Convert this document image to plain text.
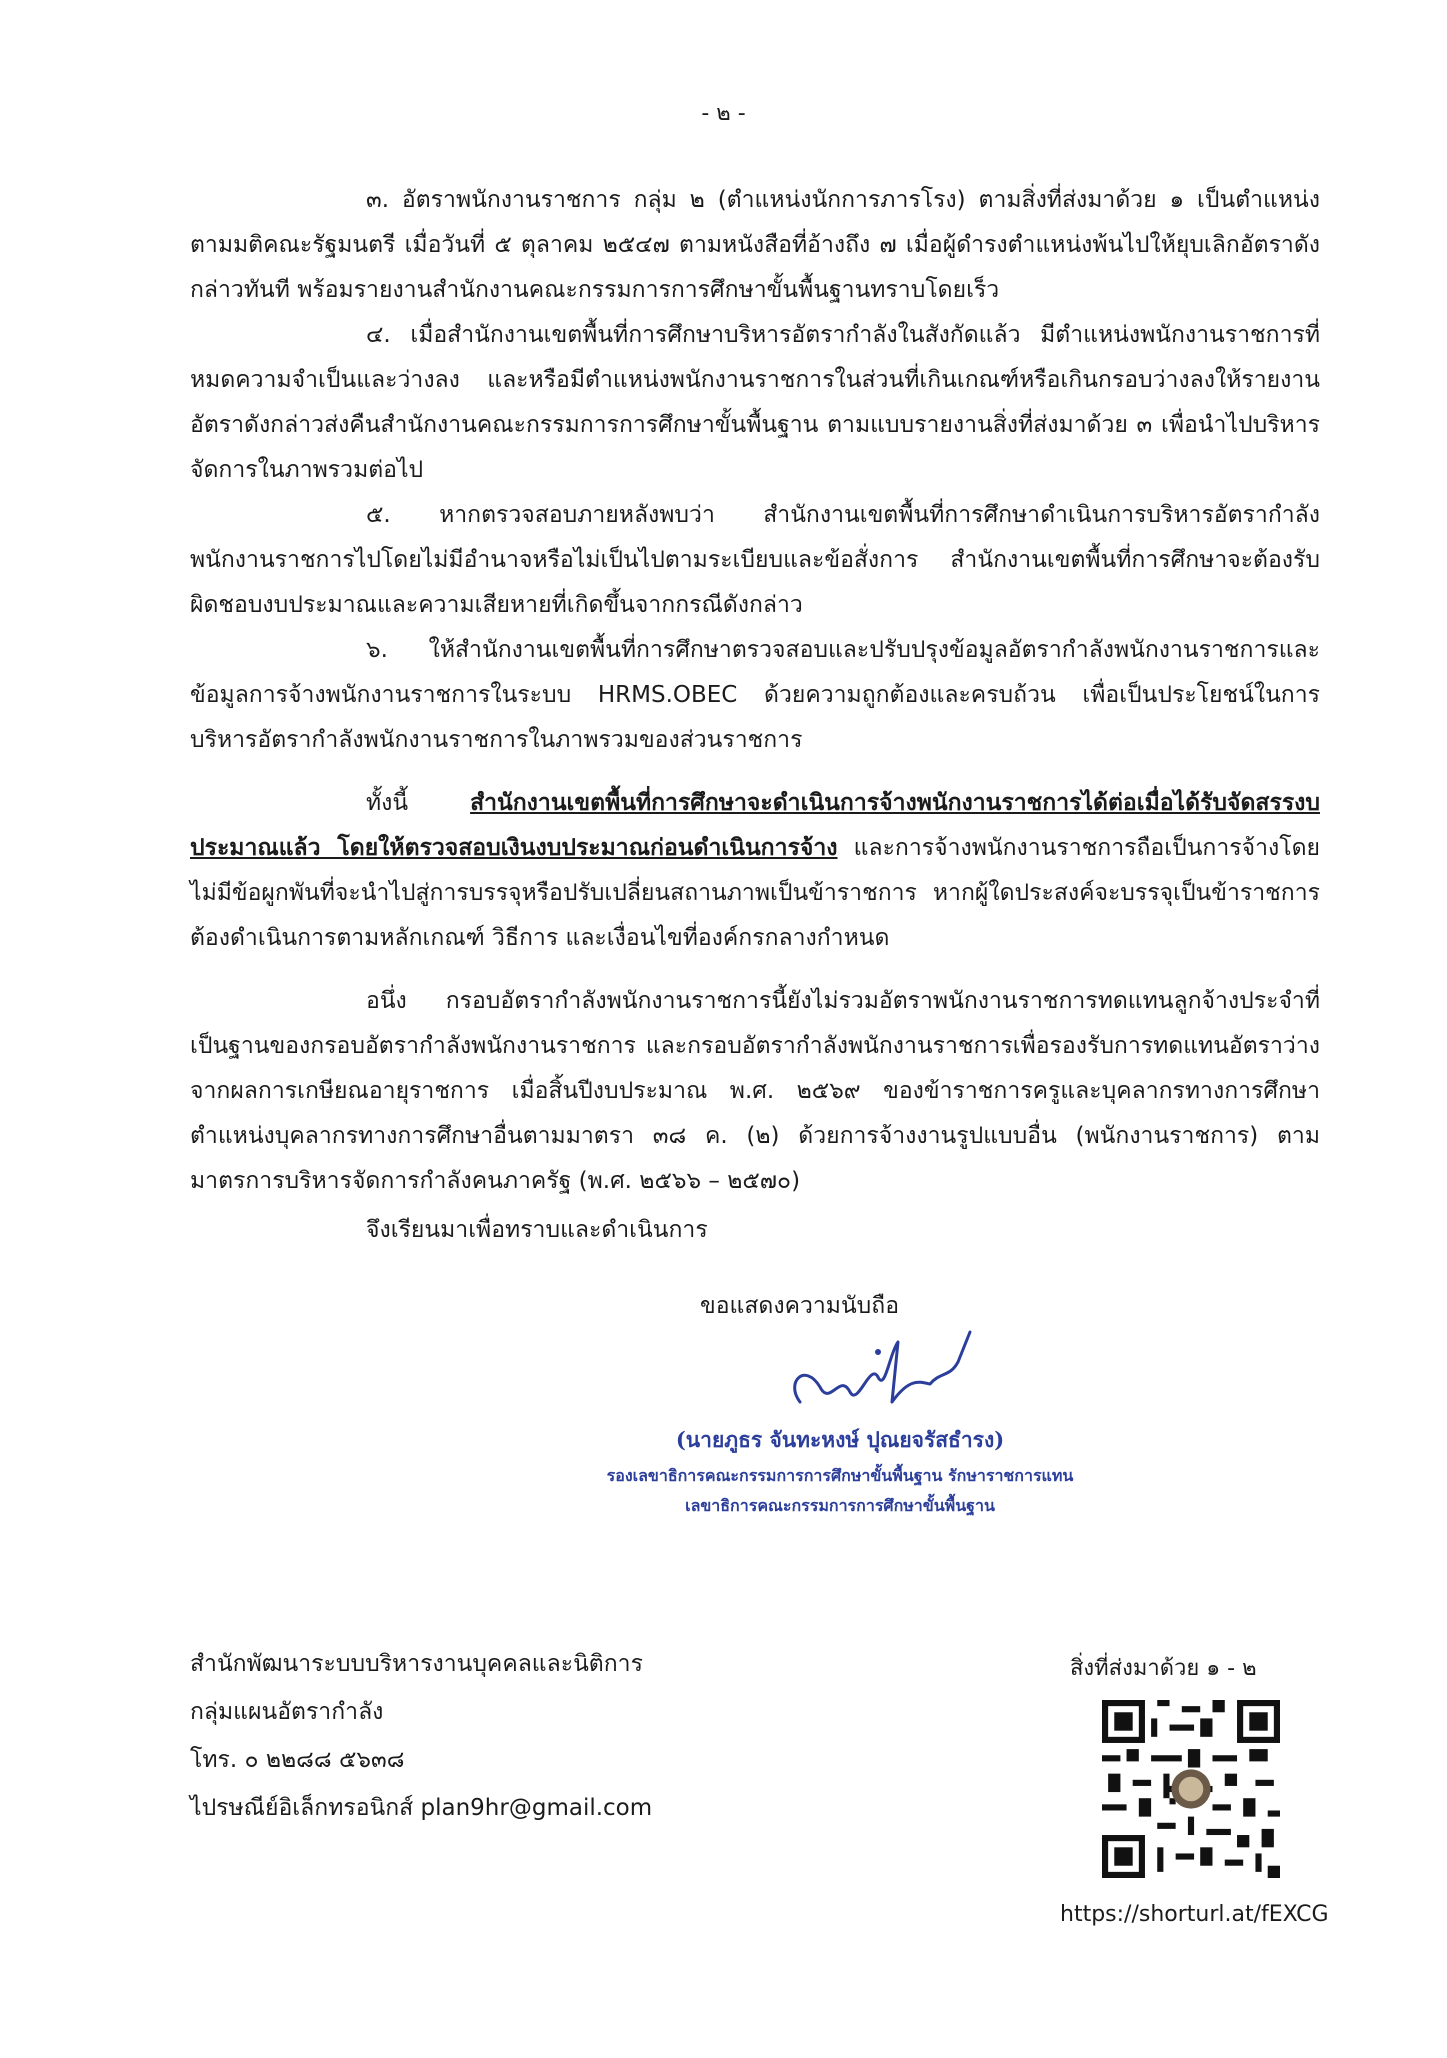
- ๒ -

๓. อัตราพนักงานราชการ กลุ่ม ๒ (ตำแหน่งนักการภารโรง) ตามสิ่งที่ส่งมาด้วย ๑ เป็นตำแหน่งตามมติคณะรัฐมนตรี เมื่อวันที่ ๕ ตุลาคม ๒๕๔๗ ตามหนังสือที่อ้างถึง ๗ เมื่อผู้ดำรงตำแหน่งพ้นไปให้ยุบเลิกอัตราดังกล่าวทันที พร้อมรายงานสำนักงานคณะกรรมการการศึกษาขั้นพื้นฐานทราบโดยเร็ว

๔. เมื่อสำนักงานเขตพื้นที่การศึกษาบริหารอัตรากำลังในสังกัดแล้ว มีตำแหน่งพนักงานราชการที่หมดความจำเป็นและว่างลง และหรือมีตำแหน่งพนักงานราชการในส่วนที่เกินเกณฑ์หรือเกินกรอบว่างลงให้รายงานอัตราดังกล่าวส่งคืนสำนักงานคณะกรรมการการศึกษาขั้นพื้นฐาน ตามแบบรายงานสิ่งที่ส่งมาด้วย ๓ เพื่อนำไปบริหารจัดการในภาพรวมต่อไป

๕. หากตรวจสอบภายหลังพบว่า สำนักงานเขตพื้นที่การศึกษาดำเนินการบริหารอัตรากำลังพนักงานราชการไปโดยไม่มีอำนาจหรือไม่เป็นไปตามระเบียบและข้อสั่งการ สำนักงานเขตพื้นที่การศึกษาจะต้องรับผิดชอบงบประมาณและความเสียหายที่เกิดขึ้นจากกรณีดังกล่าว

๖. ให้สำนักงานเขตพื้นที่การศึกษาตรวจสอบและปรับปรุงข้อมูลอัตรากำลังพนักงานราชการและข้อมูลการจ้างพนักงานราชการในระบบ HRMS.OBEC ด้วยความถูกต้องและครบถ้วน เพื่อเป็นประโยชน์ในการบริหารอัตรากำลังพนักงานราชการในภาพรวมของส่วนราชการ

ทั้งนี้ สำนักงานเขตพื้นที่การศึกษาจะดำเนินการจ้างพนักงานราชการได้ต่อเมื่อได้รับจัดสรรงบประมาณแล้ว โดยให้ตรวจสอบเงินงบประมาณก่อนดำเนินการจ้าง และการจ้างพนักงานราชการถือเป็นการจ้างโดยไม่มีข้อผูกพันที่จะนำไปสู่การบรรจุหรือปรับเปลี่ยนสถานภาพเป็นข้าราชการ หากผู้ใดประสงค์จะบรรจุเป็นข้าราชการ ต้องดำเนินการตามหลักเกณฑ์ วิธีการ และเงื่อนไขที่องค์กรกลางกำหนด

อนึ่ง กรอบอัตรากำลังพนักงานราชการนี้ยังไม่รวมอัตราพนักงานราชการทดแทนลูกจ้างประจำที่เป็นฐานของกรอบอัตรากำลังพนักงานราชการ และกรอบอัตรากำลังพนักงานราชการเพื่อรองรับการทดแทนอัตราว่างจากผลการเกษียณอายุราชการ เมื่อสิ้นปีงบประมาณ พ.ศ. ๒๕๖๙ ของข้าราชการครูและบุคลากรทางการศึกษา ตำแหน่งบุคลากรทางการศึกษาอื่นตามมาตรา ๓๘ ค. (๒) ด้วยการจ้างงานรูปแบบอื่น (พนักงานราชการ) ตามมาตรการบริหารจัดการกำลังคนภาครัฐ (พ.ศ. ๒๕๖๖ – ๒๕๗๐)

จึงเรียนมาเพื่อทราบและดำเนินการ
ขอแสดงความนับถือ
(นายภูธร จันทะหงษ์ ปุณยจรัสธำรง)
รองเลขาธิการคณะกรรมการการศึกษาขั้นพื้นฐาน รักษาราชการแทน
เลขาธิการคณะกรรมการการศึกษาขั้นพื้นฐาน
สำนักพัฒนาระบบบริหารงานบุคคลและนิติการ
กลุ่มแผนอัตรากำลัง
โทร. ๐ ๒๒๘๘ ๕๖๓๘
ไปรษณีย์อิเล็กทรอนิกส์ plan9hr@gmail.com
สิ่งที่ส่งมาด้วย ๑ - ๒
https://shorturl.at/fEXCG
